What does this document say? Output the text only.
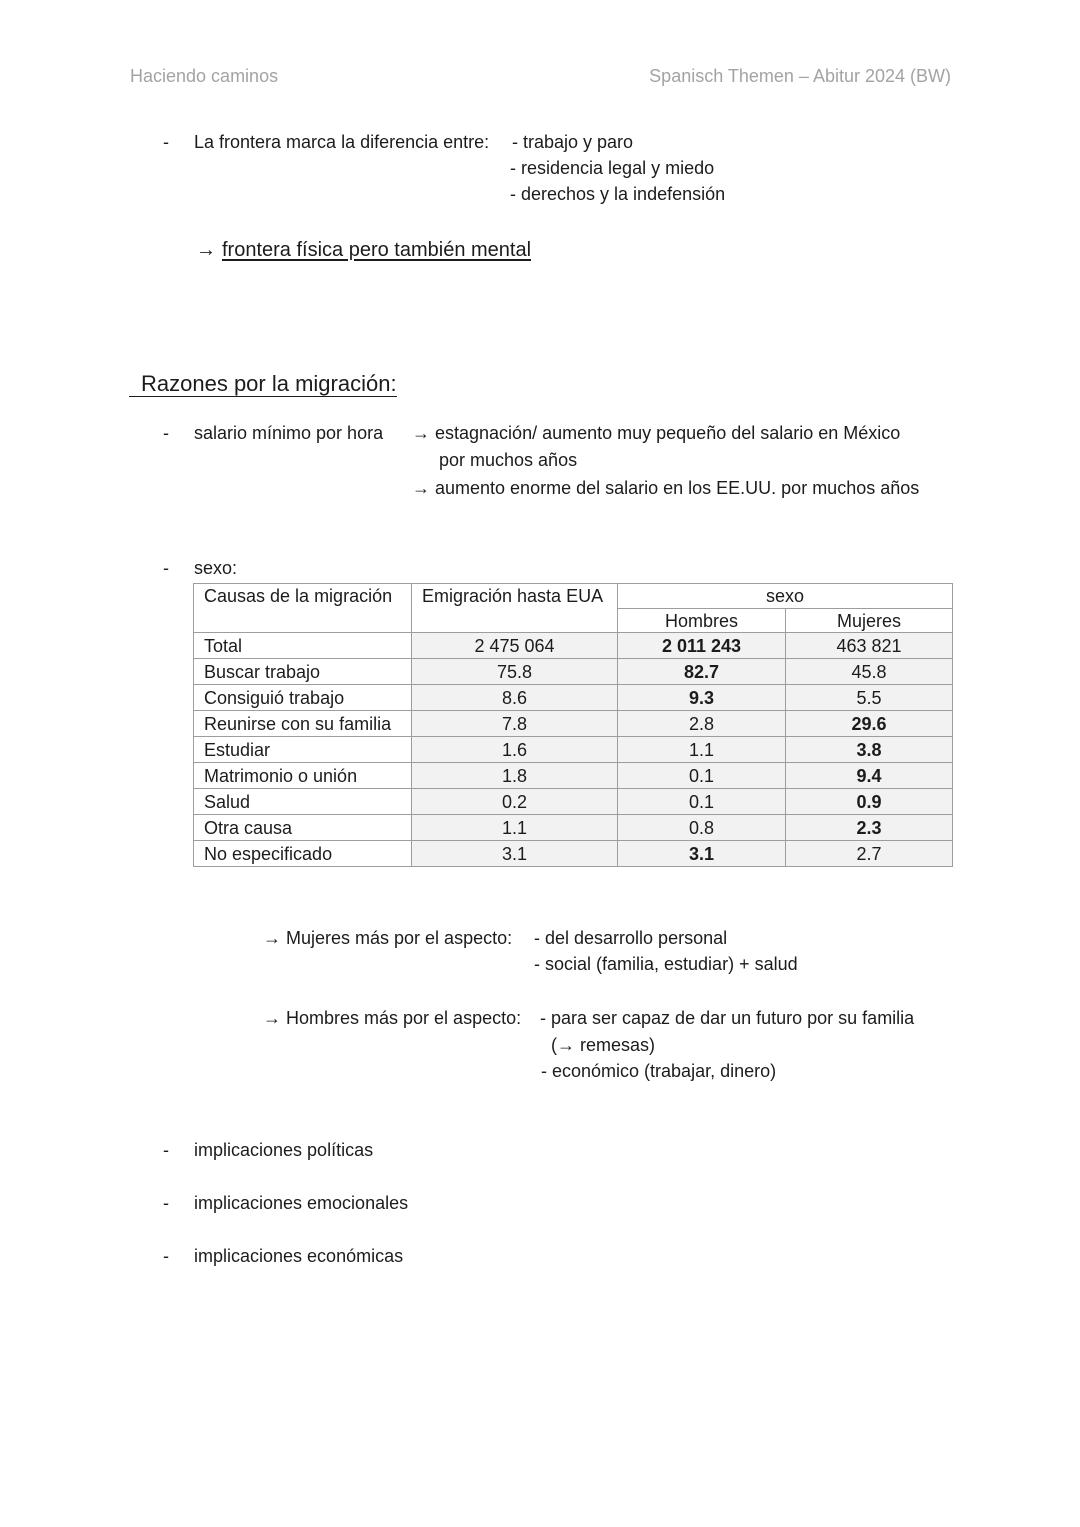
Haciendo caminos	Spanisch Themen – Abitur 2024 (BW)
- La frontera marca la diferencia entre: - trabajo y paro
- residencia legal y miedo
- derechos y la indefensión
→ frontera física pero también mental
Razones por la migración:
- salario mínimo por hora → estagnación/ aumento muy pequeño del salario en México
por muchos años
→ aumento enorme del salario en los EE.UU. por muchos años
- sexo:
Causas de la migración	Emigración hasta EUA	sexo	
		Hombres	Mujeres
Total	2 475 064	2 011 243	463 821
Buscar trabajo	75.8	82.7	45.8
Consiguió trabajo	8.6	9.3	5.5
Reunirse con su familia	7.8	2.8	29.6
Estudiar	1.6	1.1	3.8
Matrimonio o unión	1.8	0.1	9.4
Salud	0.2	0.1	0.9
Otra causa	1.1	0.8	2.3
No especificado	3.1	3.1	2.7
→ Mujeres más por el aspecto: - del desarrollo personal
- social (familia, estudiar) + salud
→ Hombres más por el aspecto: - para ser capaz de dar un futuro por su familia
(→ remesas)
- económico (trabajar, dinero)
- implicaciones políticas
- implicaciones emocionales
- implicaciones económicas
